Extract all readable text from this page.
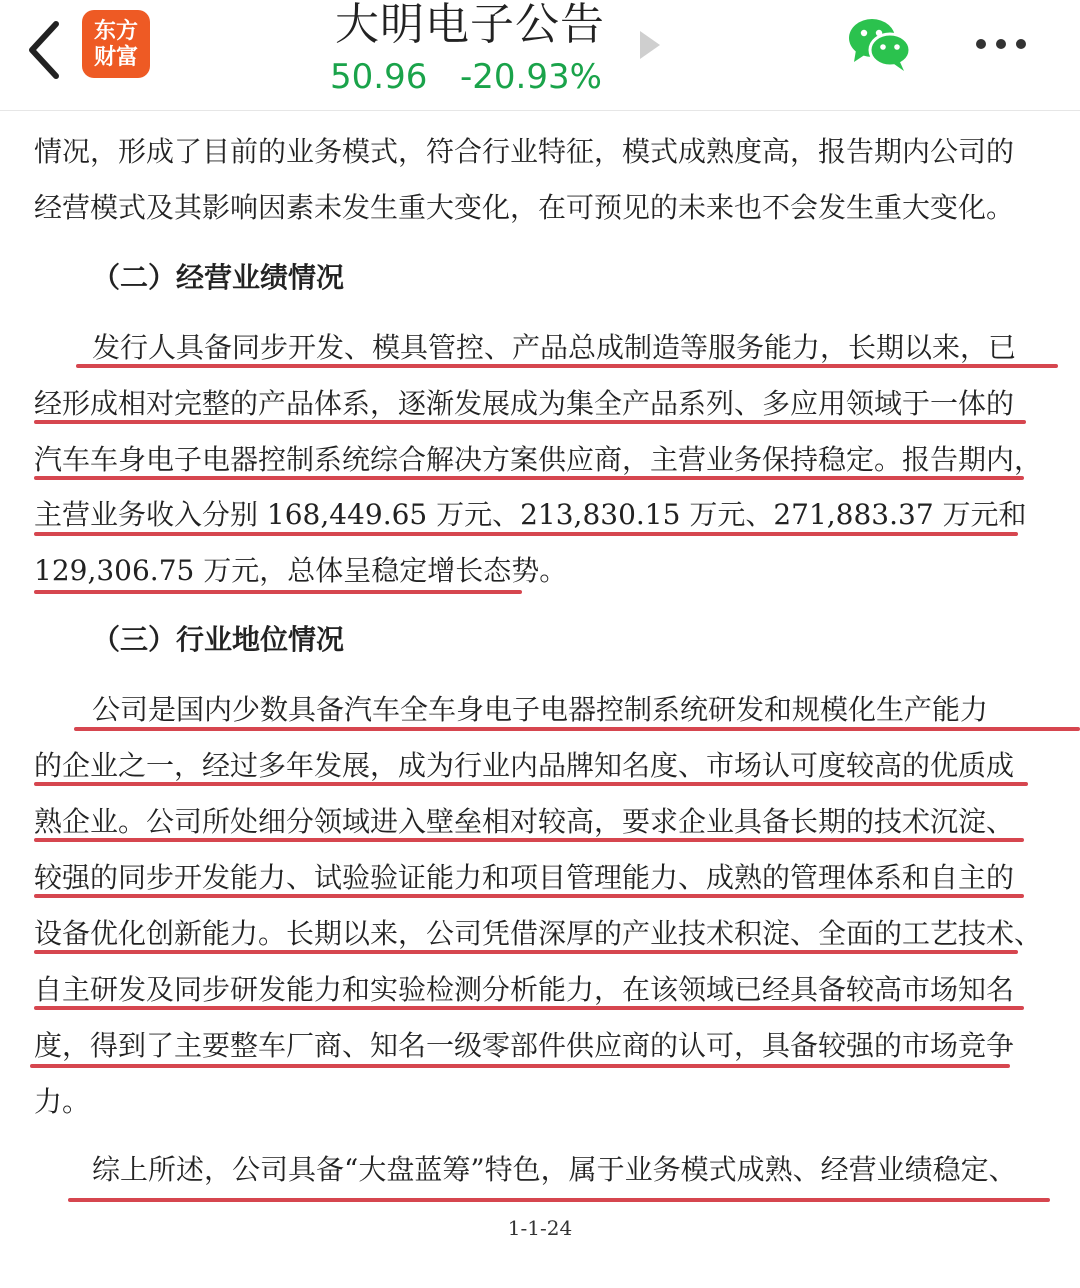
东方
财富
大明电子公告
50.96 -20.93%
情况，形成了目前的业务模式，符合行业特征，模式成熟度高，报告期内公司的
经营模式及其影响因素未发生重大变化，在可预见的未来也不会发生重大变化。
（二）经营业绩情况
发行人具备同步开发、模具管控、产品总成制造等服务能力，长期以来，已
经形成相对完整的产品体系，逐渐发展成为集全产品系列、多应用领域于一体的
汽车车身电子电器控制系统综合解决方案供应商，主营业务保持稳定。报告期内，
主营业务收入分别 168,449.65 万元、213,830.15 万元、271,883.37 万元和
129,306.75 万元，总体呈稳定增长态势。
（三）行业地位情况
公司是国内少数具备汽车全车身电子电器控制系统研发和规模化生产能力
的企业之一，经过多年发展，成为行业内品牌知名度、市场认可度较高的优质成
熟企业。公司所处细分领域进入壁垒相对较高，要求企业具备长期的技术沉淀、
较强的同步开发能力、试验验证能力和项目管理能力、成熟的管理体系和自主的
设备优化创新能力。长期以来，公司凭借深厚的产业技术积淀、全面的工艺技术、
自主研发及同步研发能力和实验检测分析能力，在该领域已经具备较高市场知名
度，得到了主要整车厂商、知名一级零部件供应商的认可，具备较强的市场竞争
力。
综上所述，公司具备“大盘蓝筹”特色，属于业务模式成熟、经营业绩稳定、
1-1-24
